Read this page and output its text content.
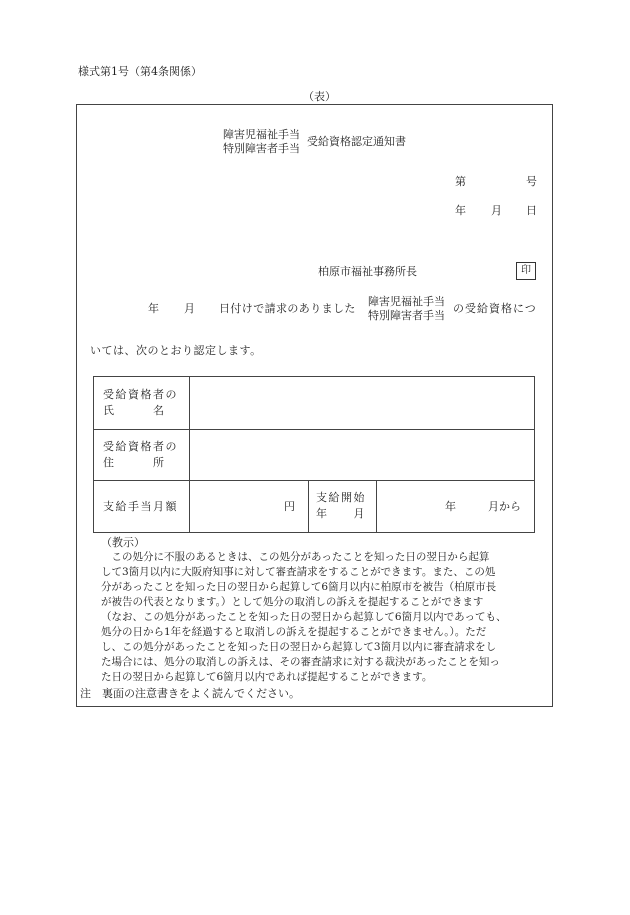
様式第1号（第4条関係）
（表）
障害児福祉手当
特別障害者手当
受給資格認定通知書
第	号
年 月 日
柏原市福祉事務所長	印
年 月 日付けで請求のありました
障害児福祉手当
特別障害者手当
の受給資格につ
いては、次のとおり認定します。
受給資格者の
氏　　　名
受給資格者の
住　　　所
支給手当月額	円
支給開始
年　　月
年	月から
（教示）
　この処分に不服のあるときは、この処分があったことを知った日の翌日から起算
して3箇月以内に大阪府知事に対して審査請求をすることができます。また、この処
分があったことを知った日の翌日から起算して6箇月以内に柏原市を被告（柏原市長
が被告の代表となります。）として処分の取消しの訴えを提起することができます
（なお、この処分があったことを知った日の翌日から起算して6箇月以内であっても、
処分の日から1年を経過すると取消しの訴えを提起することができません。）。ただ
し、この処分があったことを知った日の翌日から起算して3箇月以内に審査請求をし
た場合には、処分の取消しの訴えは、その審査請求に対する裁決があったことを知っ
た日の翌日から起算して6箇月以内であれば提起することができます。
注　裏面の注意書きをよく読んでください。
